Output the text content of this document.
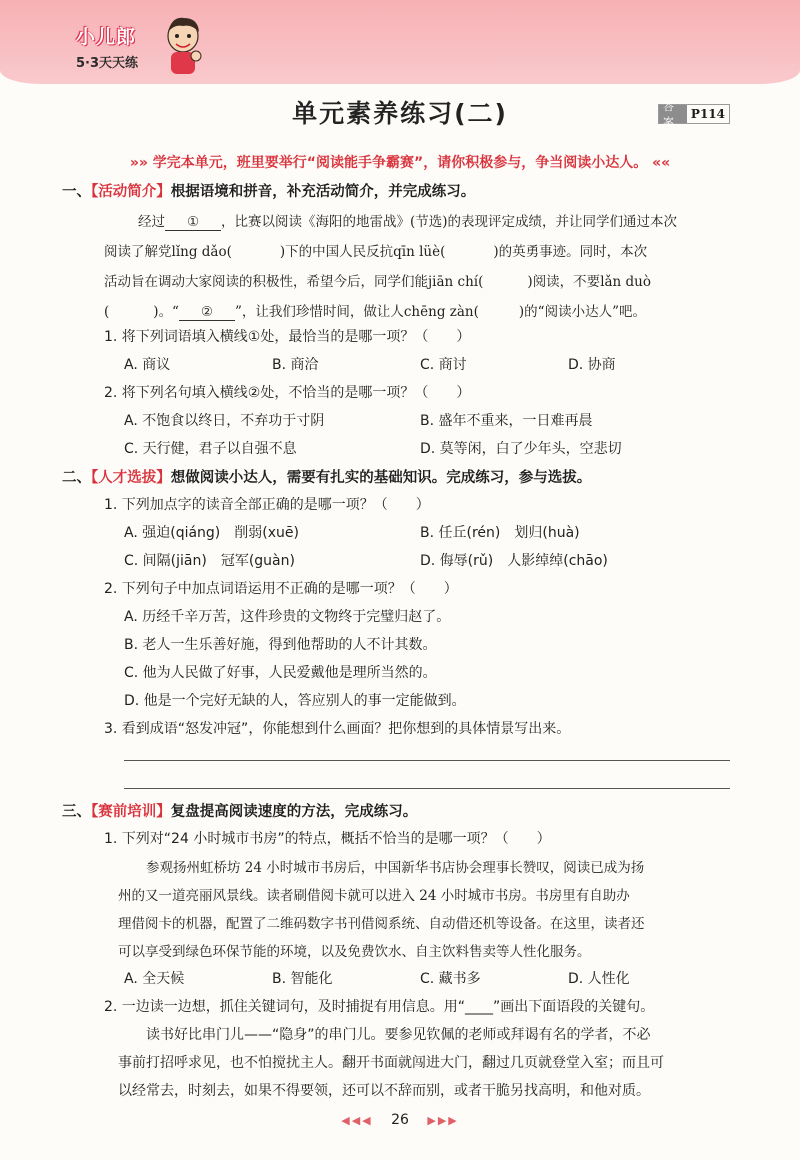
小儿郎
5·3天天练
单元素养练习(二)	答案
P114
»» 学完本单元，班里要举行“阅读能手争霸赛”，请你积极参与，争当阅读小达人。 ««
一、【活动简介】根据语境和拼音，补充活动简介，并完成练习。
经过 ① ，比赛以阅读《海阳的地雷战》(节选)的表现评定成绩，并让同学们通过本次
阅读了解党lǐng dǎo(	)下的中国人民反抗qīn lüè(	)的英勇事迹。同时，本次
活动旨在调动大家阅读的积极性，希望今后，同学们能jiān chí(	)阅读，不要lǎn duò
(	)。“ ② ”，让我们珍惜时间，做让人chēng zàn(	)的“阅读小达人”吧。
1. 将下列词语填入横线①处，最恰当的是哪一项？（　　）
A. 商议	B. 商洽	C. 商讨	D. 协商
2. 将下列名句填入横线②处，不恰当的是哪一项？（　　）
A. 不饱食以终日，不弃功于寸阴	B. 盛年不重来，一日难再晨
C. 天行健，君子以自强不息	D. 莫等闲，白了少年头，空悲切
二、【人才选拔】想做阅读小达人，需要有扎实的基础知识。完成练习，参与选拔。
1. 下列加点字的读音全部正确的是哪一项？（　　）
A. 强迫(qiáng)　削弱(xuē)	B. 任丘(rén)　划归(huà)
C. 间隔(jiān)　冠军(guàn)	D. 侮辱(rǔ)　人影绰绰(chāo)
2. 下列句子中加点词语运用不正确的是哪一项？（　　）
A. 历经千辛万苦，这件珍贵的文物终于完璧归赵了。
B. 老人一生乐善好施，得到他帮助的人不计其数。
C. 他为人民做了好事，人民爱戴他是理所当然的。
D. 他是一个完好无缺的人，答应别人的事一定能做到。
3. 看到成语“怒发冲冠”，你能想到什么画面？把你想到的具体情景写出来。
三、【赛前培训】复盘提高阅读速度的方法，完成练习。
1. 下列对“24 小时城市书房”的特点，概括不恰当的是哪一项？（　　）
参观扬州虹桥坊 24 小时城市书房后，中国新华书店协会理事长赞叹，阅读已成为扬
州的又一道亮丽风景线。读者刷借阅卡就可以进入 24 小时城市书房。书房里有自助办
理借阅卡的机器，配置了二维码数字书刊借阅系统、自动借还机等设备。在这里，读者还
可以享受到绿色环保节能的环境，以及免费饮水、自主饮料售卖等人性化服务。
A. 全天候	B. 智能化	C. 藏书多	D. 人性化
2. 一边读一边想，抓住关键词句，及时捕捉有用信息。用“____”画出下面语段的关键句。
读书好比串门儿——“隐身”的串门儿。要参见钦佩的老师或拜谒有名的学者，不必
事前打招呼求见，也不怕搅扰主人。翻开书面就闯进大门，翻过几页就登堂入室；而且可
以经常去，时刻去，如果不得要领，还可以不辞而别，或者干脆另找高明，和他对质。
◀◀◀ 26 ▶▶▶
